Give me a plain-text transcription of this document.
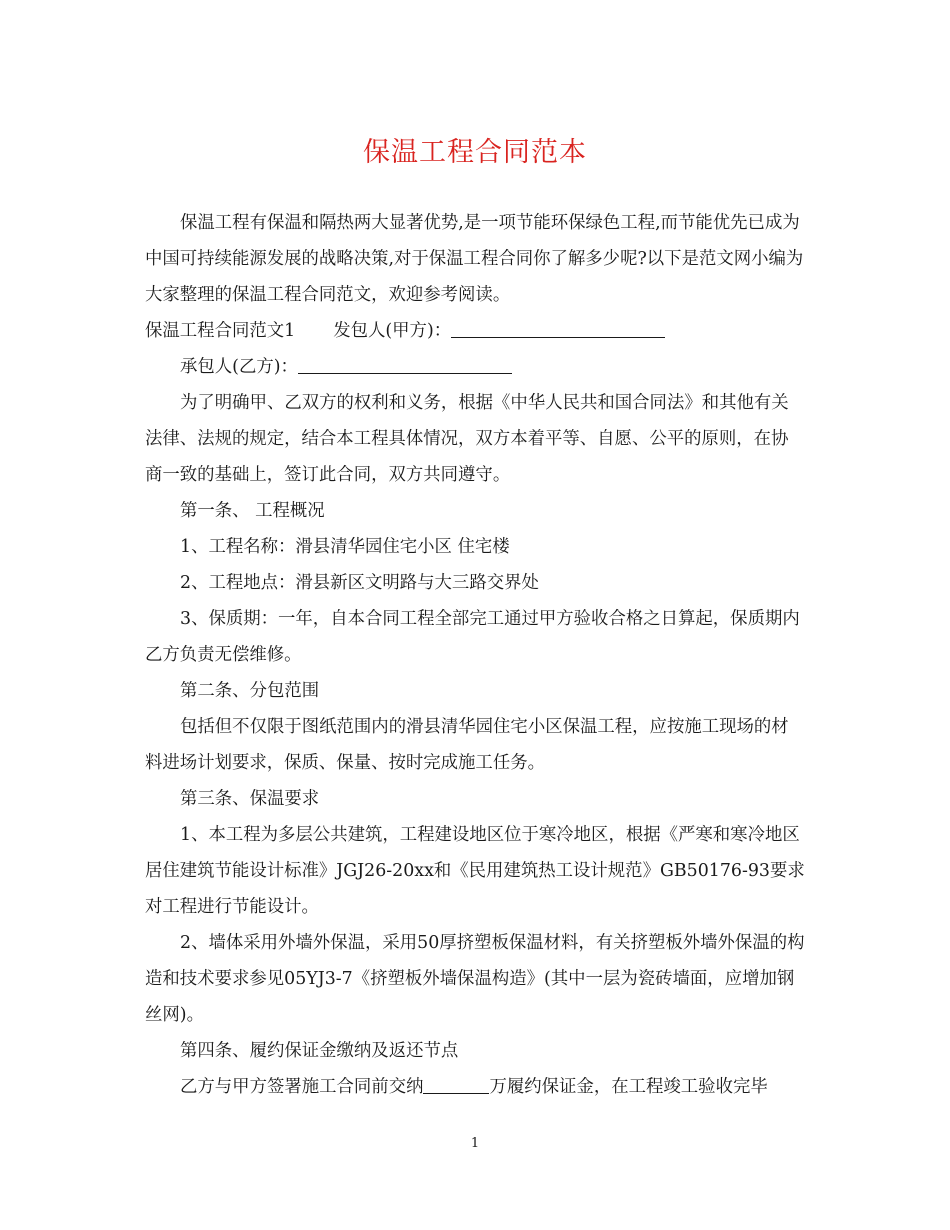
保温工程合同范本

保温工程有保温和隔热两大显著优势,是一项节能环保绿色工程,而节能优先已成为中国可持续能源发展的战略决策,对于保温工程合同你了解多少呢?以下是范文网小编为大家整理的保温工程合同范文，欢迎参考阅读。

保温工程合同范文1 发包人(甲方)：

承包人(乙方)：

为了明确甲、乙双方的权利和义务，根据《中华人民共和国合同法》和其他有关法律、法规的规定，结合本工程具体情况，双方本着平等、自愿、公平的原则，在协商一致的基础上，签订此合同，双方共同遵守。

第一条、 工程概况

1、工程名称：滑县清华园住宅小区 住宅楼

2、工程地点：滑县新区文明路与大三路交界处

3、保质期：一年，自本合同工程全部完工通过甲方验收合格之日算起，保质期内乙方负责无偿维修。

第二条、分包范围

包括但不仅限于图纸范围内的滑县清华园住宅小区保温工程，应按施工现场的材料进场计划要求，保质、保量、按时完成施工任务。

第三条、保温要求

1、本工程为多层公共建筑，工程建设地区位于寒冷地区，根据《严寒和寒冷地区居住建筑节能设计标准》JGJ26-20xx和《民用建筑热工设计规范》GB50176-93要求对工程进行节能设计。

2、墙体采用外墙外保温，采用50厚挤塑板保温材料，有关挤塑板外墙外保温的构造和技术要求参见05YJ3-7《挤塑板外墙保温构造》(其中一层为瓷砖墙面，应增加钢丝网)。

第四条、履约保证金缴纳及返还节点

乙方与甲方签署施工合同前交纳	万履约保证金，在工程竣工验收完毕

1
